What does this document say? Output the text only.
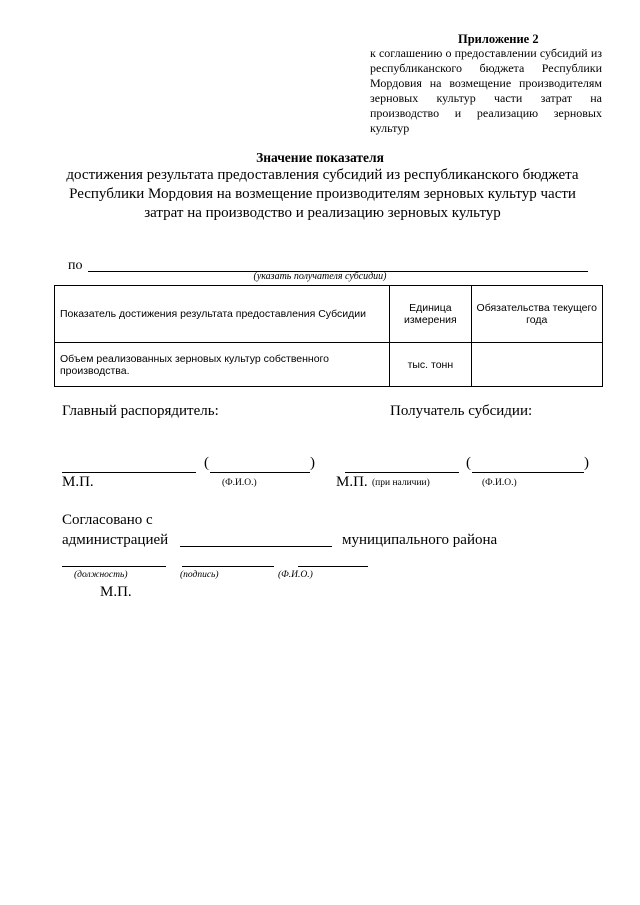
Приложение 2
к соглашению о предоставлении субсидий из республиканского бюджета Республики Мордовия на возмещение производителям зерновых культур части затрат на производство и реализацию зерновых культур
Значение показателя
достижения результата предоставления субсидий из республиканского бюджета Республики Мордовия на возмещение производителям зерновых культур части затрат на производство и реализацию зерновых культур
по
(указать получателя субсидии)
Показатель достижения результата предоставления Субсидии	Единица измерения	Обязательства текущего года
Объем реализованных зерновых культур собственного производства.	тыс. тонн	
Главный распорядитель:	Получатель субсидии:
(	)
М.П.	(Ф.И.О.)
(	)
М.П. (при наличии)	(Ф.И.О.)
Согласовано с
администрацией	муниципального района
(должность)	(подпись)	(Ф.И.О.)
М.П.
